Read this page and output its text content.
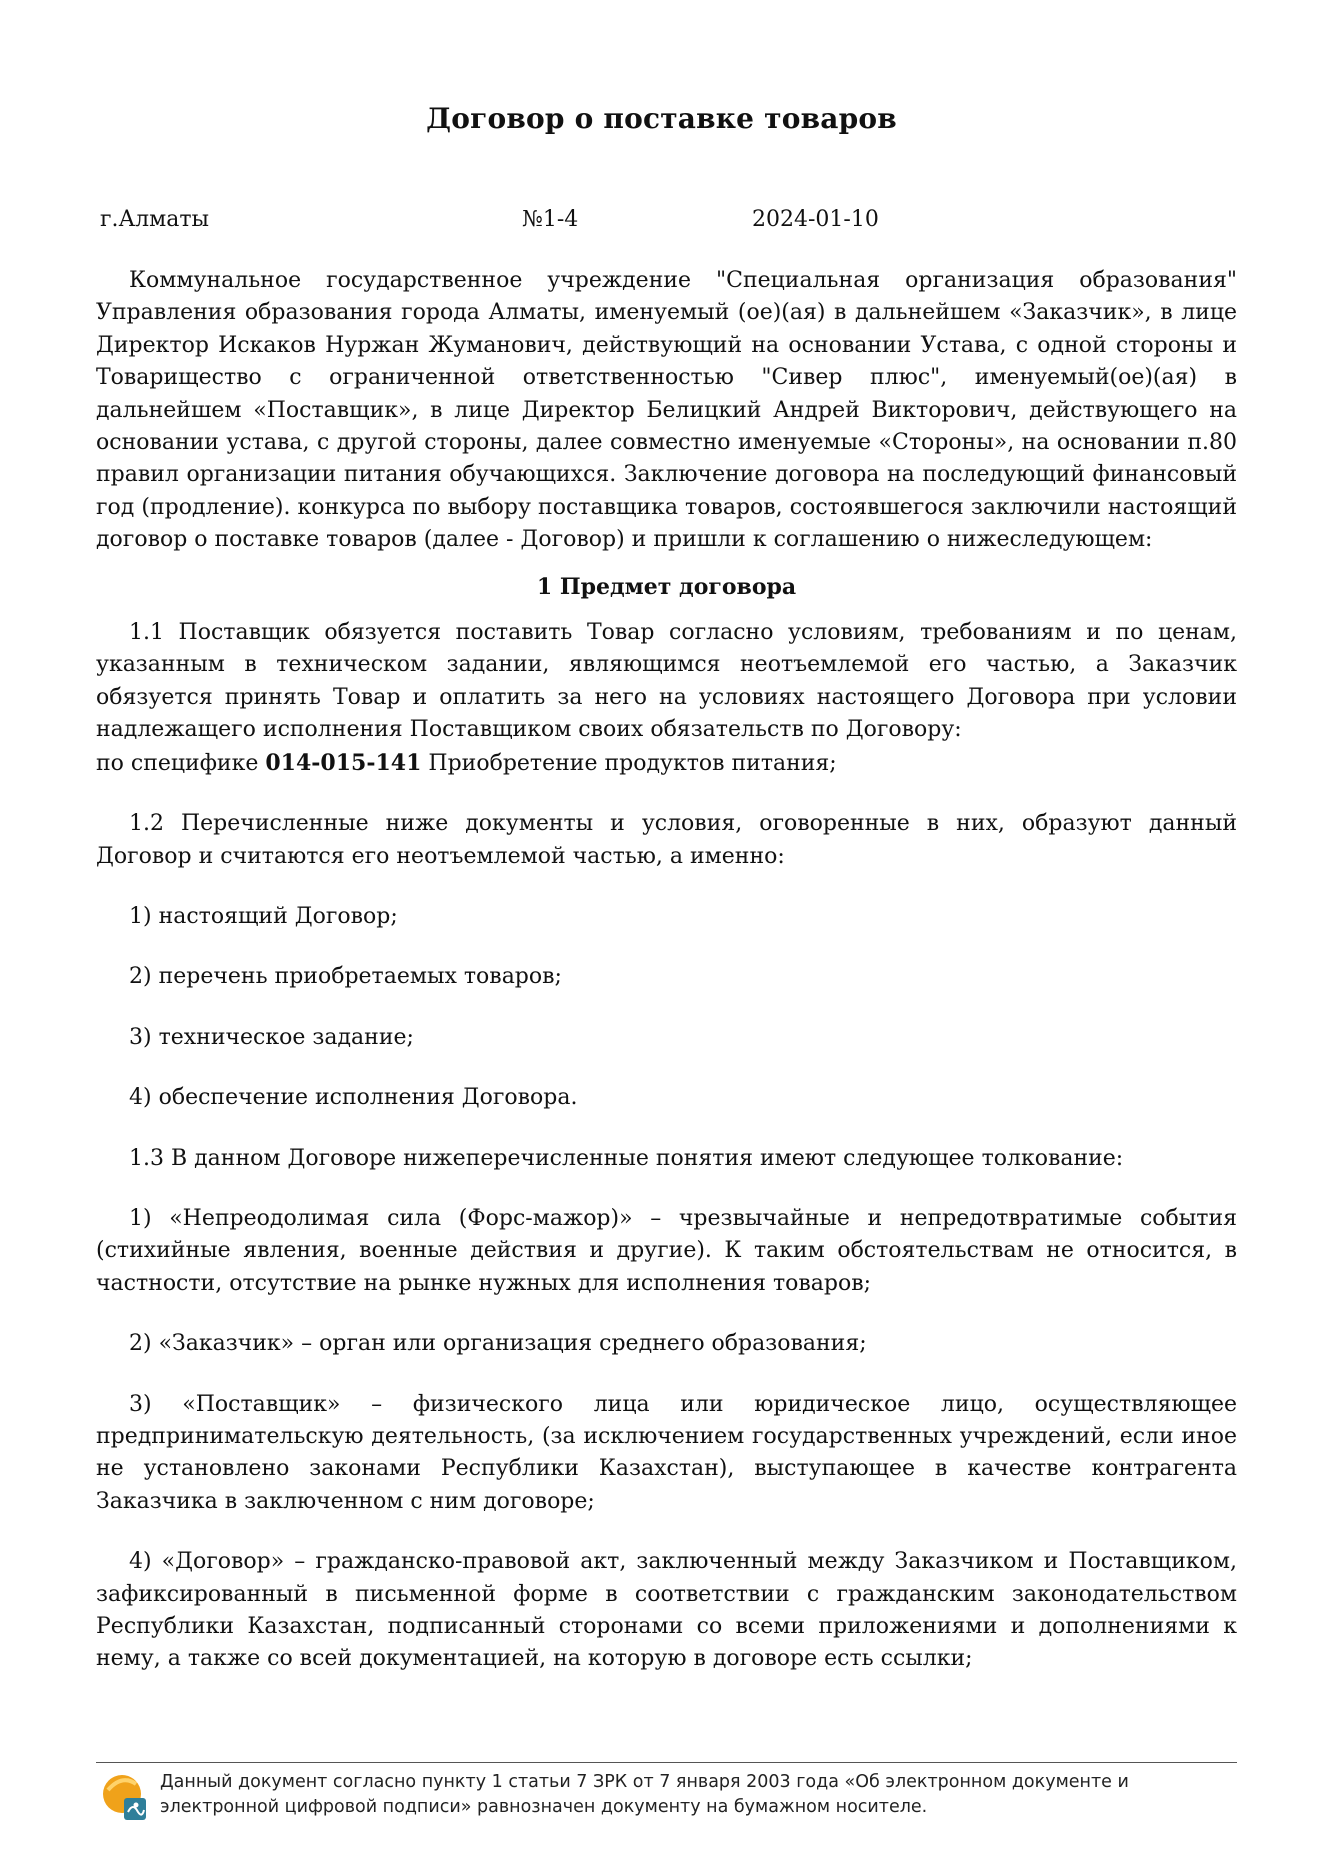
Договор о поставке товаров
г.Алматы	№1-4	2024-01-10

Коммунальное государственное учреждение "Специальная организация образования" Управления образования города Алматы, именуемый (ое)(ая) в дальнейшем «Заказчик», в лице Директор Искаков Нуржан Жуманович, действующий на основании Устава, с одной стороны и Товарищество с ограниченной ответственностью "Сивер плюс", именуемый(ое)(ая) в дальнейшем «Поставщик», в лице Директор Белицкий Андрей Викторович, действующего на основании устава, с другой стороны, далее совместно именуемые «Стороны», на основании п.80 правил организации питания обучающихся. Заключение договора на последующий финансовый год (продление). конкурса по выбору поставщика товаров, состоявшегося заключили настоящий договор о поставке товаров (далее - Договор) и пришли к соглашению о нижеследующем:

1 Предмет договора

1.1 Поставщик обязуется поставить Товар согласно условиям, требованиям и по ценам, указанным в техническом задании, являющимся неотъемлемой его частью, а Заказчик обязуется принять Товар и оплатить за него на условиях настоящего Договора при условии надлежащего исполнения Поставщиком своих обязательств по Договору:

по специфике 014-015-141 Приобретение продуктов питания;

1.2 Перечисленные ниже документы и условия, оговоренные в них, образуют данный Договор и считаются его неотъемлемой частью, а именно:

1) настоящий Договор;

2) перечень приобретаемых товаров;

3) техническое задание;

4) обеспечение исполнения Договора.

1.3 В данном Договоре нижеперечисленные понятия имеют следующее толкование:

1) «Непреодолимая сила (Форс-мажор)» – чрезвычайные и непредотвратимые события (стихийные явления, военные действия и другие). К таким обстоятельствам не относится, в частности, отсутствие на рынке нужных для исполнения товаров;

2) «Заказчик» – орган или организация среднего образования;

3) «Поставщик» – физического лица или юридическое лицо, осуществляющее предпринимательскую деятельность, (за исключением государственных учреждений, если иное не установлено законами Республики Казахстан), выступающее в качестве контрагента Заказчика в заключенном с ним договоре;

4) «Договор» – гражданско-правовой акт, заключенный между Заказчиком и Поставщиком, зафиксированный в письменной форме в соответствии с гражданским законодательством Республики Казахстан, подписанный сторонами со всеми приложениями и дополнениями к нему, а также со всей документацией, на которую в договоре есть ссылки;

Данный документ согласно пункту 1 статьи 7 ЗРК от 7 января 2003 года «Об электронном документе и электронной цифровой подписи» равнозначен документу на бумажном носителе.
